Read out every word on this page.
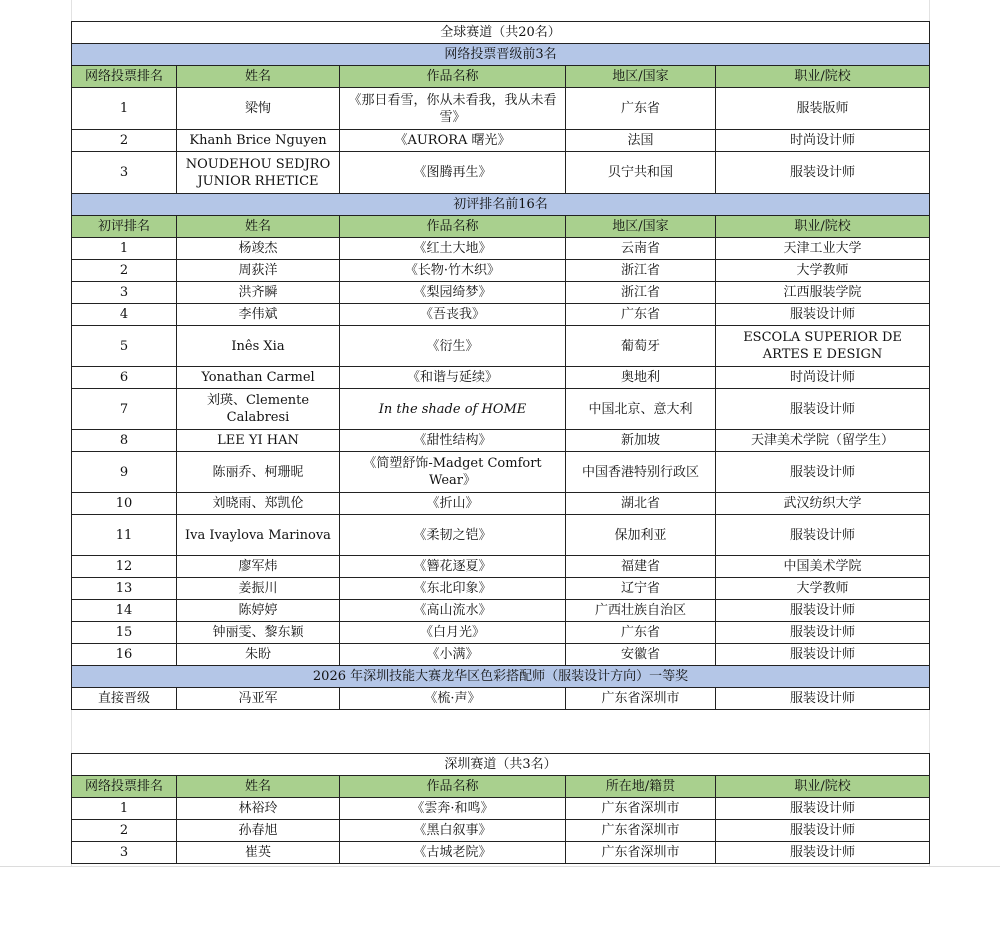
全球赛道（共20名）				
网络投票晋级前3名				
网络投票排名	姓名	作品名称	地区/国家	职业/院校
1	梁恂	《那日看雪，你从未看我，我从未看雪》	广东省	服装版师
2	Khanh Brice Nguyen	《AURORA 曙光》	法国	时尚设计师
3	NOUDEHOU SEDJRO JUNIOR RHETICE	《图腾再生》	贝宁共和国	服装设计师
初评排名前16名				
初评排名	姓名	作品名称	地区/国家	职业/院校
1	杨竣杰	《红土大地》	云南省	天津工业大学
2	周荻洋	《长物·竹木织》	浙江省	大学教师
3	洪齐瞬	《梨园绮梦》	浙江省	江西服装学院
4	李伟斌	《吾丧我》	广东省	服装设计师
5	Inês Xia	《衍生》	葡萄牙	ESCOLA SUPERIOR DE ARTES E DESIGN
6	Yonathan Carmel	《和谐与延续》	奥地利	时尚设计师
7	刘瑛、Clemente Calabresi	In the shade of HOME	中国北京、意大利	服装设计师
8	LEE YI HAN	《甜性结构》	新加坡	天津美术学院（留学生）
9	陈丽乔、柯珊昵	《简塑舒饰-Madget Comfort Wear》	中国香港特别行政区	服装设计师
10	刘晓雨、郑凯伦	《折山》	湖北省	武汉纺织大学
11	Iva Ivaylova Marinova	《柔韧之铠》	保加利亚	服装设计师
12	廖军炜	《簪花逐夏》	福建省	中国美术学院
13	姜振川	《东北印象》	辽宁省	大学教师
14	陈婷婷	《高山流水》	广西壮族自治区	服装设计师
15	钟丽雯、黎东颖	《白月光》	广东省	服装设计师
16	朱盼	《小满》	安徽省	服装设计师
2026 年深圳技能大赛龙华区色彩搭配师（服装设计方向）一等奖				
直接晋级	冯亚军	《梳·声》	广东省深圳市	服装设计师
深圳赛道（共3名）				
网络投票排名	姓名	作品名称	所在地/籍贯	职业/院校
1	林裕玲	《雲奔·和鸣》	广东省深圳市	服装设计师
2	孙春旭	《黑白叙事》	广东省深圳市	服装设计师
3	崔英	《古城老院》	广东省深圳市	服装设计师
